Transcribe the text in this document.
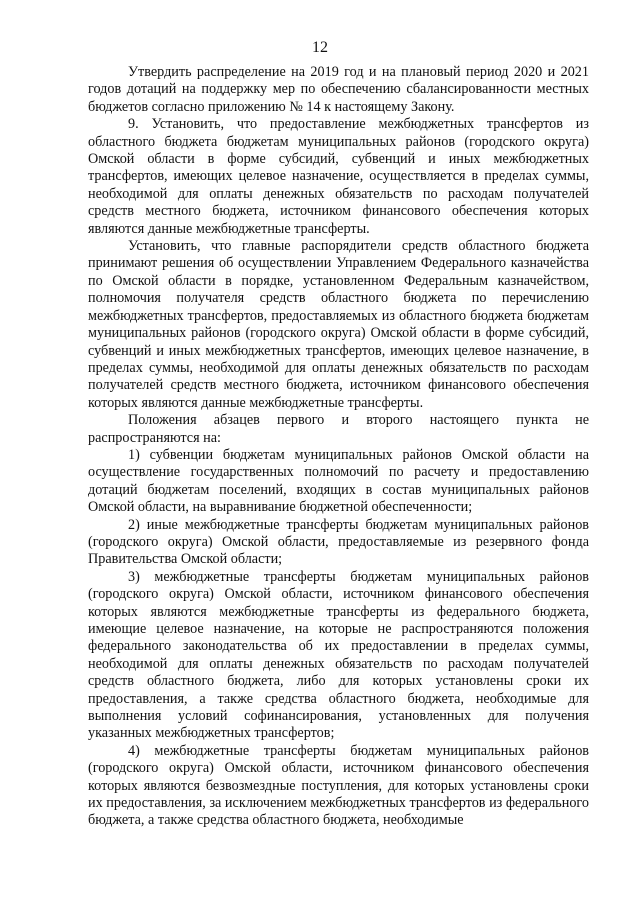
12

Утвердить распределение на 2019 год и на плановый период 2020 и 2021 годов дотаций на поддержку мер по обеспечению сбалансированности местных бюджетов согласно приложению № 14 к настоящему Закону.

9. Установить, что предоставление межбюджетных трансфертов из областного бюджета бюджетам муниципальных районов (городского округа) Омской области в форме субсидий, субвенций и иных межбюджетных трансфертов, имеющих целевое назначение, осуществляется в пределах суммы, необходимой для оплаты денежных обязательств по расходам получателей средств местного бюджета, источником финансового обеспечения которых являются данные межбюджетные трансферты.

Установить, что главные распорядители средств областного бюджета принимают решения об осуществлении Управлением Федерального казначейства по Омской области в порядке, установленном Федеральным казначейством, полномочия получателя средств областного бюджета по перечислению межбюджетных трансфертов, предоставляемых из областного бюджета бюджетам муниципальных районов (городского округа) Омской области в форме субсидий, субвенций и иных межбюджетных трансфертов, имеющих целевое назначение, в пределах суммы, необходимой для оплаты денежных обязательств по расходам получателей средств местного бюджета, источником финансового обеспечения которых являются данные межбюджетные трансферты.

Положения абзацев первого и второго настоящего пункта не распространяются на:

1) субвенции бюджетам муниципальных районов Омской области на осуществление государственных полномочий по расчету и предоставлению дотаций бюджетам поселений, входящих в состав муниципальных районов Омской области, на выравнивание бюджетной обеспеченности;

2) иные межбюджетные трансферты бюджетам муниципальных районов (городского округа) Омской области, предоставляемые из резервного фонда Правительства Омской области;

3) межбюджетные трансферты бюджетам муниципальных районов (городского округа) Омской области, источником финансового обеспечения которых являются межбюджетные трансферты из федерального бюджета, имеющие целевое назначение, на которые не распространяются положения федерального законодательства об их предоставлении в пределах суммы, необходимой для оплаты денежных обязательств по расходам получателей средств областного бюджета, либо для которых установлены сроки их предоставления, а также средства областного бюджета, необходимые для выполнения условий софинансирования, установленных для получения указанных межбюджетных трансфертов;

4) межбюджетные трансферты бюджетам муниципальных районов (городского округа) Омской области, источником финансового обеспечения которых являются безвозмездные поступления, для которых установлены сроки их предоставления, за исключением межбюджетных трансфертов из федерального бюджета, а также средства областного бюджета, необходимые
